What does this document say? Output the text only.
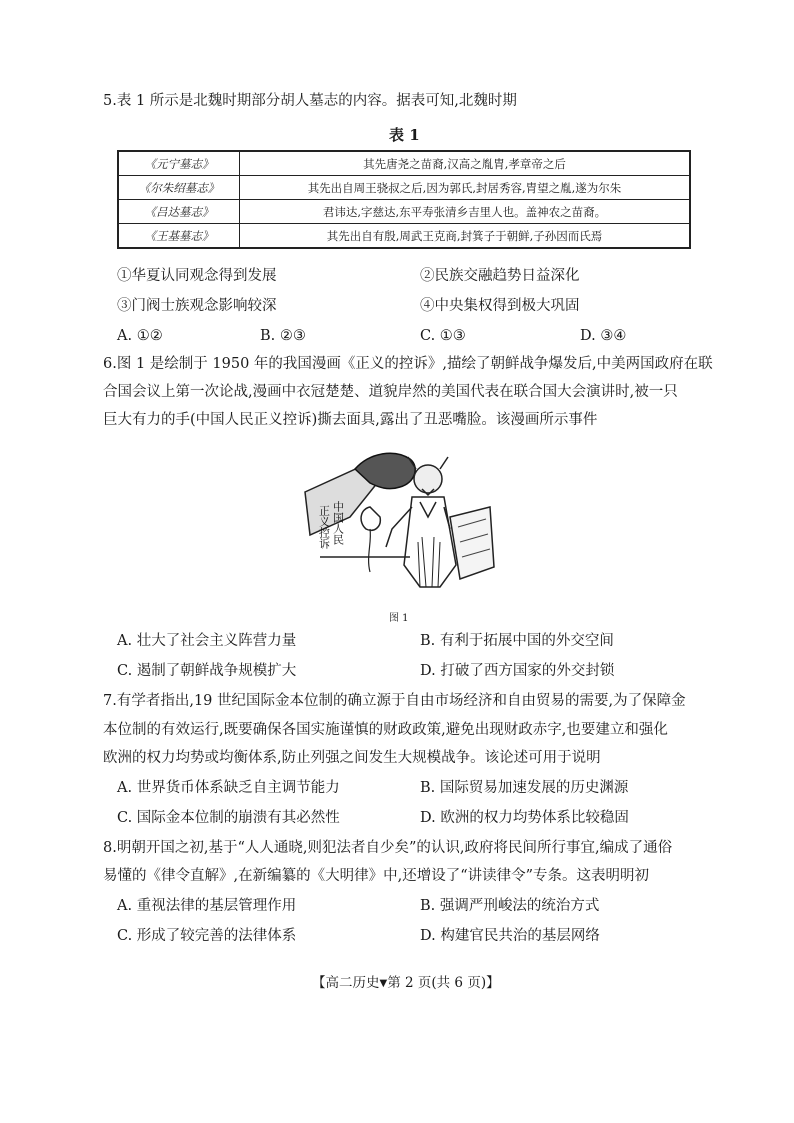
5.表 1 所示是北魏时期部分胡人墓志的内容。据表可知,北魏时期
表 1
《元宁墓志》	其先唐尧之苗裔,汉高之胤胄,孝章帝之后
《尔朱绍墓志》	其先出自周王骁叔之后,因为郭氏,封居秀容,胄望之胤,遂为尔朱
《吕达墓志》	君讳达,字慈达,东平寿张清乡吉里人也。盖神农之苗裔。
《王基墓志》	其先出自有殷,周武王克商,封箕子于朝鲜,子孙因而氏焉
①华夏认同观念得到发展	②民族交融趋势日益深化
③门阀士族观念影响较深	④中央集权得到极大巩固
A. ①②	B. ②③	C. ①③	D. ③④
6.图 1 是绘制于 1950 年的我国漫画《正义的控诉》,描绘了朝鲜战争爆发后,中美两国政府在联
合国会议上第一次论战,漫画中衣冠楚楚、道貌岸然的美国代表在联合国大会演讲时,被一只
巨大有力的手(中国人民正义控诉)撕去面具,露出了丑恶嘴脸。该漫画所示事件
中国人民
正义控诉
图 1
A. 壮大了社会主义阵营力量	B. 有利于拓展中国的外交空间
C. 遏制了朝鲜战争规模扩大	D. 打破了西方国家的外交封锁
7.有学者指出,19 世纪国际金本位制的确立源于自由市场经济和自由贸易的需要,为了保障金
本位制的有效运行,既要确保各国实施谨慎的财政政策,避免出现财政赤字,也要建立和强化
欧洲的权力均势或均衡体系,防止列强之间发生大规模战争。该论述可用于说明
A. 世界货币体系缺乏自主调节能力	B. 国际贸易加速发展的历史渊源
C. 国际金本位制的崩溃有其必然性	D. 欧洲的权力均势体系比较稳固
8.明朝开国之初,基于“人人通晓,则犯法者自少矣”的认识,政府将民间所行事宜,编成了通俗
易懂的《律令直解》,在新编纂的《大明律》中,还增设了“讲读律令”专条。这表明明初
A. 重视法律的基层管理作用	B. 强调严刑峻法的统治方式
C. 形成了较完善的法律体系	D. 构建官民共治的基层网络
【高二历史▼第 2 页(共 6 页)】
